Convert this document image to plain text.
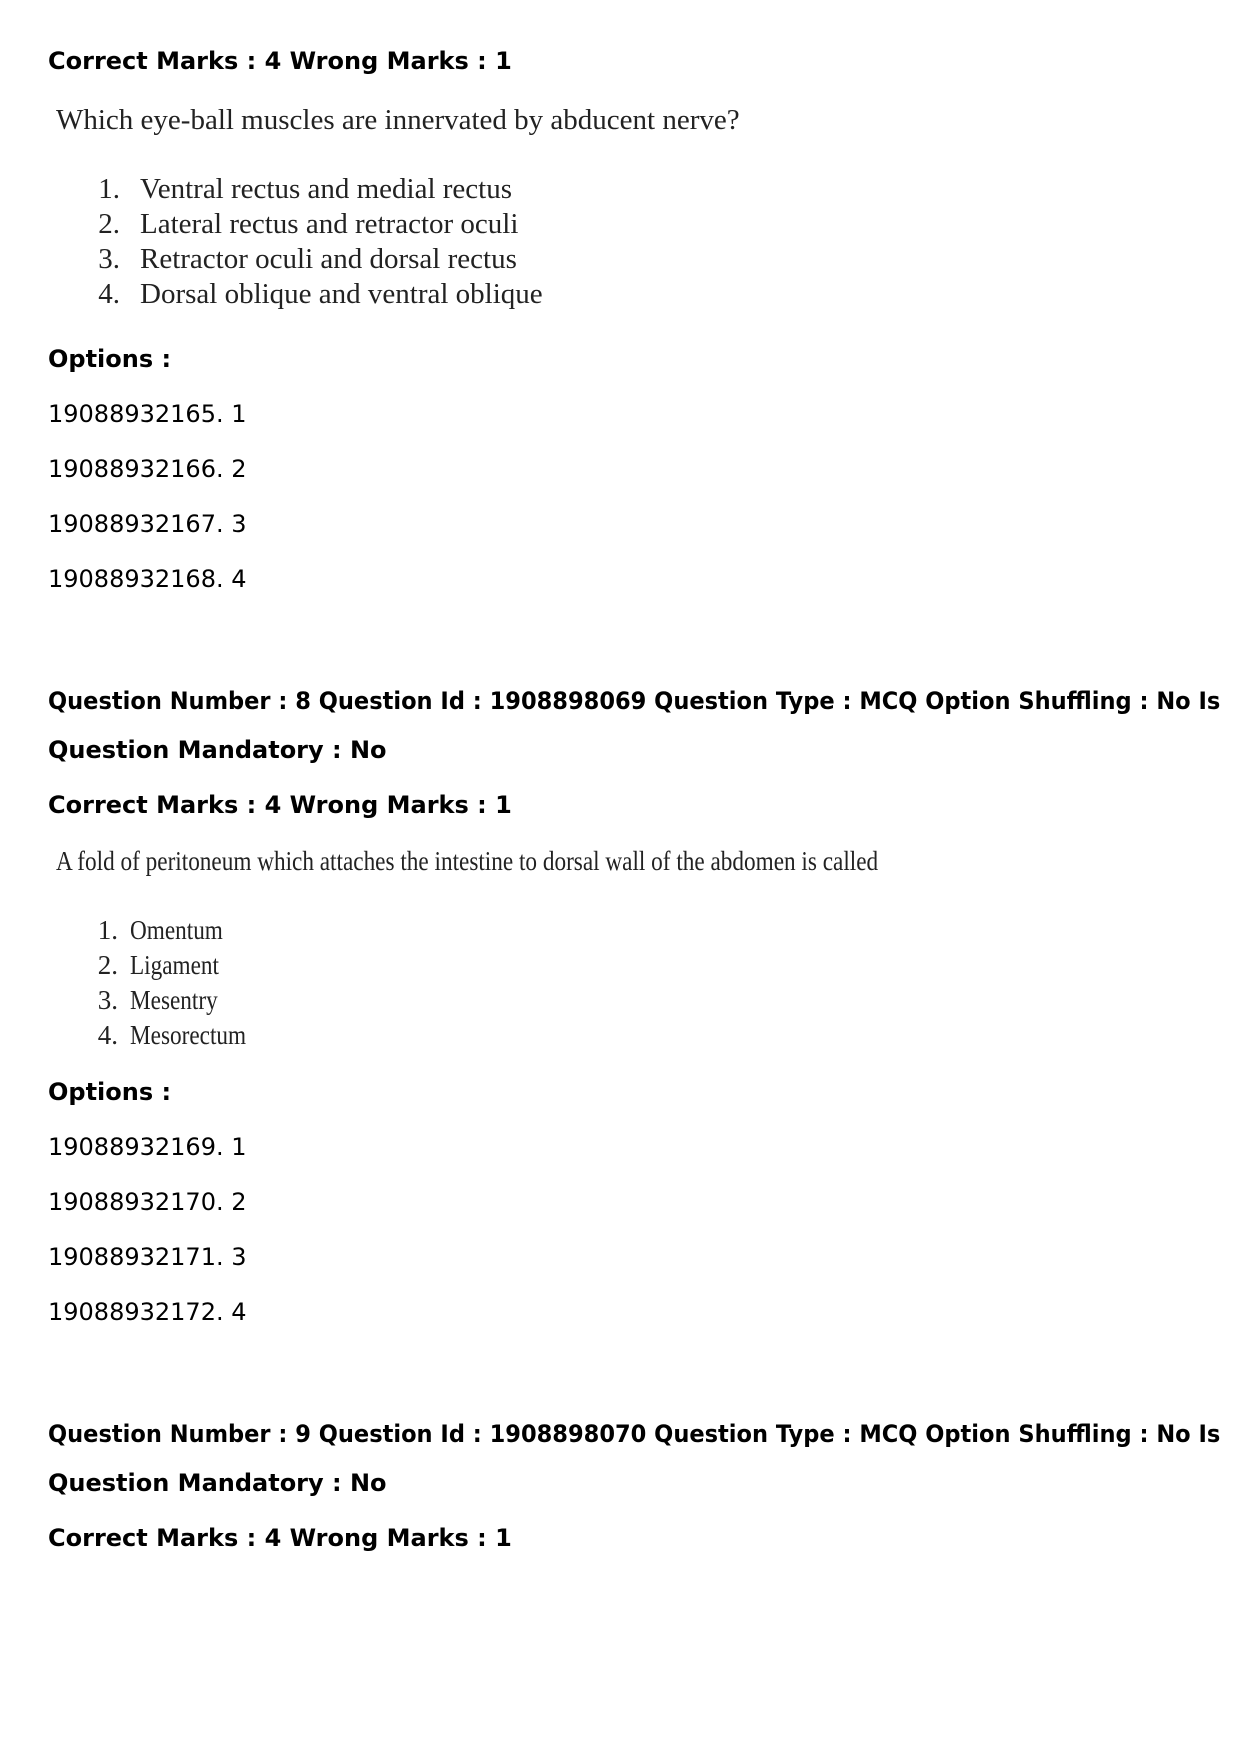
Correct Marks : 4 Wrong Marks : 1
Which eye-ball muscles are innervated by abducent nerve?
1. Ventral rectus and medial rectus
2. Lateral rectus and retractor oculi
3. Retractor oculi and dorsal rectus
4. Dorsal oblique and ventral oblique
Options :
19088932165. 1
19088932166. 2
19088932167. 3
19088932168. 4
Question Number : 8 Question Id : 1908898069 Question Type : MCQ Option Shuffling : No Is
Question Mandatory : No
Correct Marks : 4 Wrong Marks : 1
A fold of peritoneum which attaches the intestine to dorsal wall of the abdomen is called
1. Omentum
2. Ligament
3. Mesentry
4. Mesorectum
Options :
19088932169. 1
19088932170. 2
19088932171. 3
19088932172. 4
Question Number : 9 Question Id : 1908898070 Question Type : MCQ Option Shuffling : No Is
Question Mandatory : No
Correct Marks : 4 Wrong Marks : 1
